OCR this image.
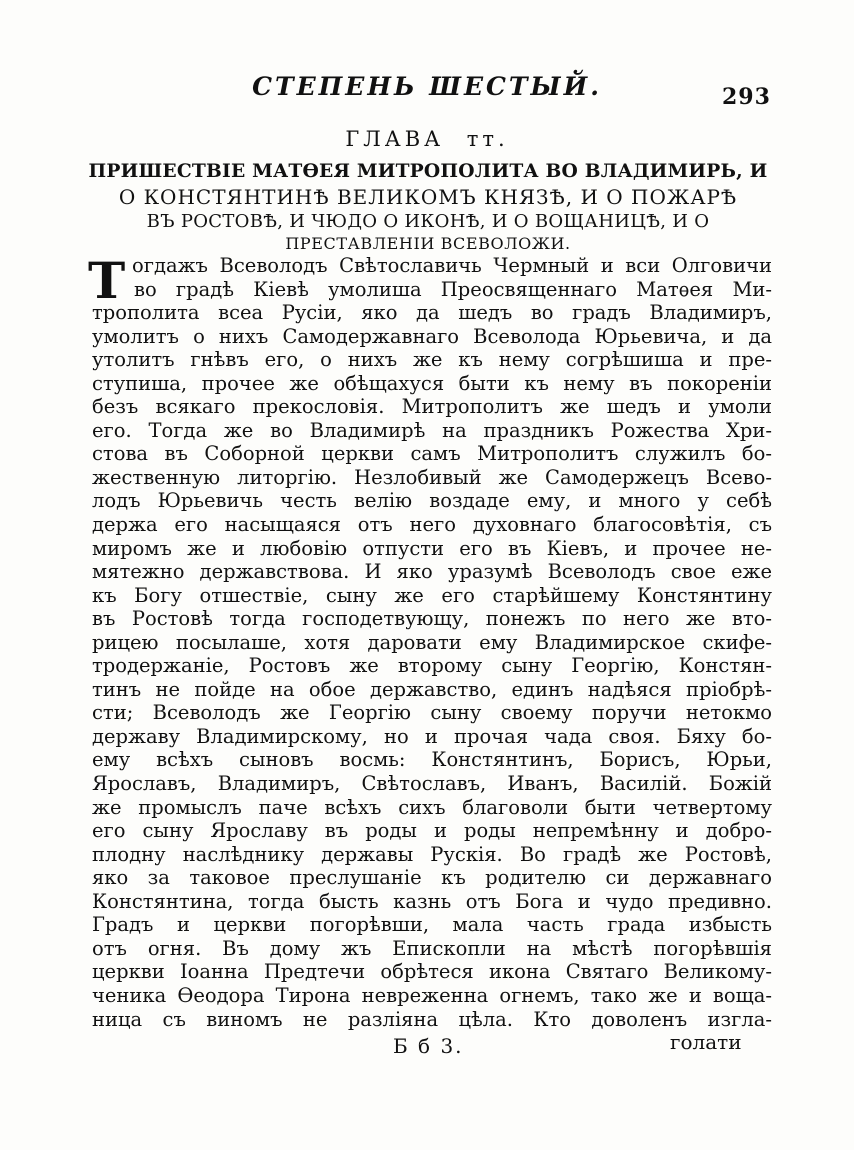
СТЕПЕНЬ ШЕСТЫЙ.	293
ГЛАВА тт.
ПРИШЕСТВІЕ МАТѲЕЯ МИТРОПОЛИТА ВО ВЛАДИМИРЬ, И
О КОНСТЯНТИНѢ ВЕЛИКОМЪ КНЯЗѢ, И О ПОЖАРѢ
ВЪ РОСТОВѢ, И ЧЮДО О ИКОНѢ, И О ВОЩАНИЦѢ, И О
ПРЕСТАВЛЕНІИ ВСЕВОЛОЖИ.
Т огдажъ Всеволодъ Свѣтославичь Чермный и вси Олговичи
во градѣ Кіевѣ умолиша Преосвященнаго Матѳея Ми-
трополита всеа Русіи, яко да шедъ во градъ Владимиръ,
умолитъ о нихъ Самодержавнаго Всеволода Юрьевича, и да
утолитъ гнѣвъ его, о нихъ же къ нему согрѣшиша и пре-
ступиша, прочее же обѣщахуся быти къ нему въ покореніи
безъ всякаго прекословія. Митрополитъ же шедъ и умоли
его. Тогда же во Владимирѣ на праздникъ Рожества Хри-
стова въ Соборной церкви самъ Митрополитъ служилъ бо-
жественную литоргію. Незлобивый же Самодержецъ Всево-
лодъ Юрьевичь честь велію воздаде ему, и много у себѣ
держа его насыщаяся отъ него духовнаго благосовѣтія, съ
миромъ же и любовію отпусти его въ Кіевъ, и прочее не-
мятежно державствова. И яко уразумѣ Всеволодъ свое еже
къ Богу отшествіе, сыну же его старѣйшему Констянтину
въ Ростовѣ тогда господетвующу, понежъ по него же вто-
рицею посылаше, хотя даровати ему Владимирское скифе-
тродержаніе, Ростовъ же второму сыну Георгію, Констян-
тинъ не пойде на обое державство, единъ надѣяся пріобрѣ-
сти; Всеволодъ же Георгію сыну своему поручи нетокмо
державу Владимирскому, но и прочая чада своя. Бяху бо-
ему всѣхъ сыновъ восмь: Констянтинъ, Борисъ, Юрьи,
Ярославъ, Владимиръ, Свѣтославъ, Иванъ, Василій. Божій
же промыслъ паче всѣхъ сихъ благоволи быти четвертому
его сыну Ярославу въ роды и роды непремѣнну и добро-
плодну наслѣднику державы Рускія. Во градѣ же Ростовѣ,
яко за таковое преслушаніе къ родителю си державнаго
Констянтина, тогда бысть казнь отъ Бога и чудо предивно.
Градъ и церкви погорѣвши, мала часть града избысть
отъ огня. Въ дому жъ Епископли на мѣстѣ погорѣвшія
церкви Іоанна Предтечи обрѣтеся икона Святаго Великому-
ченика Ѳеодора Тирона невреженна огнемъ, тако же и воща-
ница съ виномъ не разліяна цѣла. Кто доволенъ изгла-
Б б 3.	голати
